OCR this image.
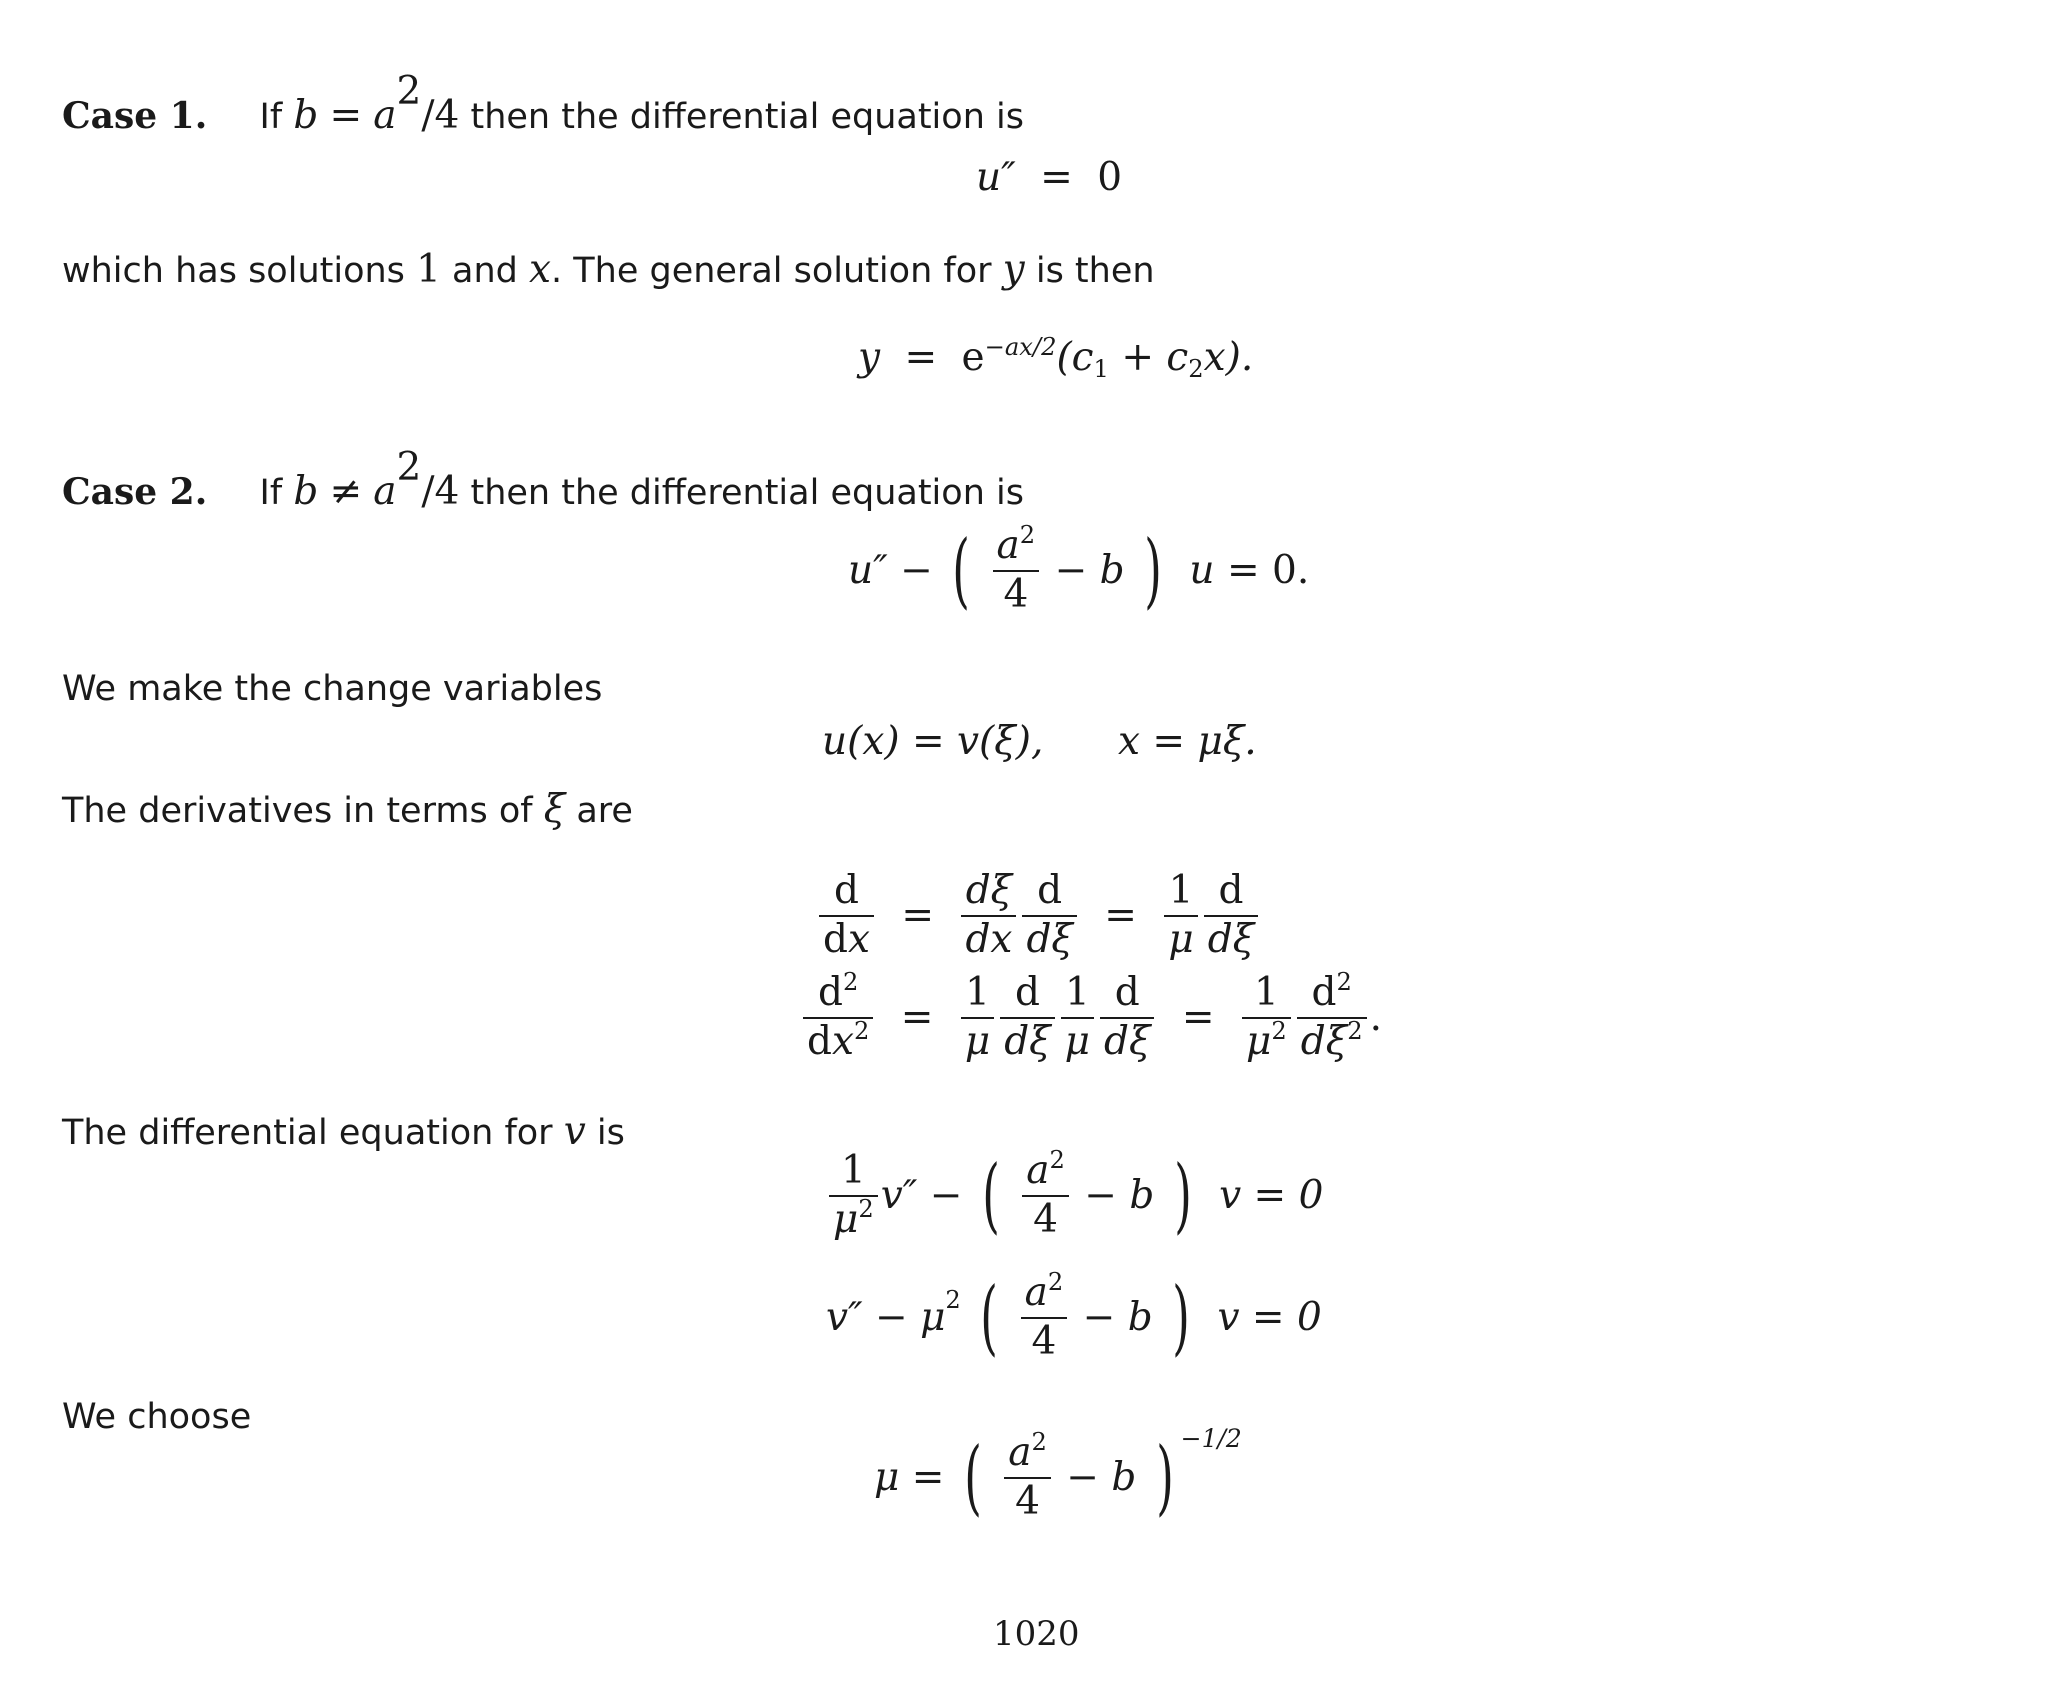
Case 1. If $b = a^2/4$ then the differential equation is
u″ = 0
which has solutions 1 and x. The general solution for y is then
$y = e^{-ax/2}(c_1 + c_2x)$.
Case 2. If $b \ne a^2/4$ then the differential equation is
u″ − ( $\frac{a^2}{4} - b$ ) u = 0.
We make the change variables
u(x) = v(ξ), x = μξ.
The derivatives in terms of ξ are
$\frac{d}{dx} = \frac{d\xi}{dx} \frac{d}{d\xi} = \frac{1}{\mu} \frac{d}{d\xi}$
$\frac{d^2}{dx^2} = \frac{1}{\mu} \frac{d}{d\xi} \frac{1}{\mu} \frac{d}{d\xi} = \frac{1}{\mu^2} \frac{d^2}{d\xi^2}$ .
The differential equation for v is
$\frac{1}{\mu^2} v''$ − ( $\frac{a^2}{4} - b$ ) v = 0
$v'' - \mu^2$ ( $\frac{a^2}{4} - b$ ) v = 0
We choose
μ = ( $\frac{a^2}{4} - b$ ) −1/2
1020
